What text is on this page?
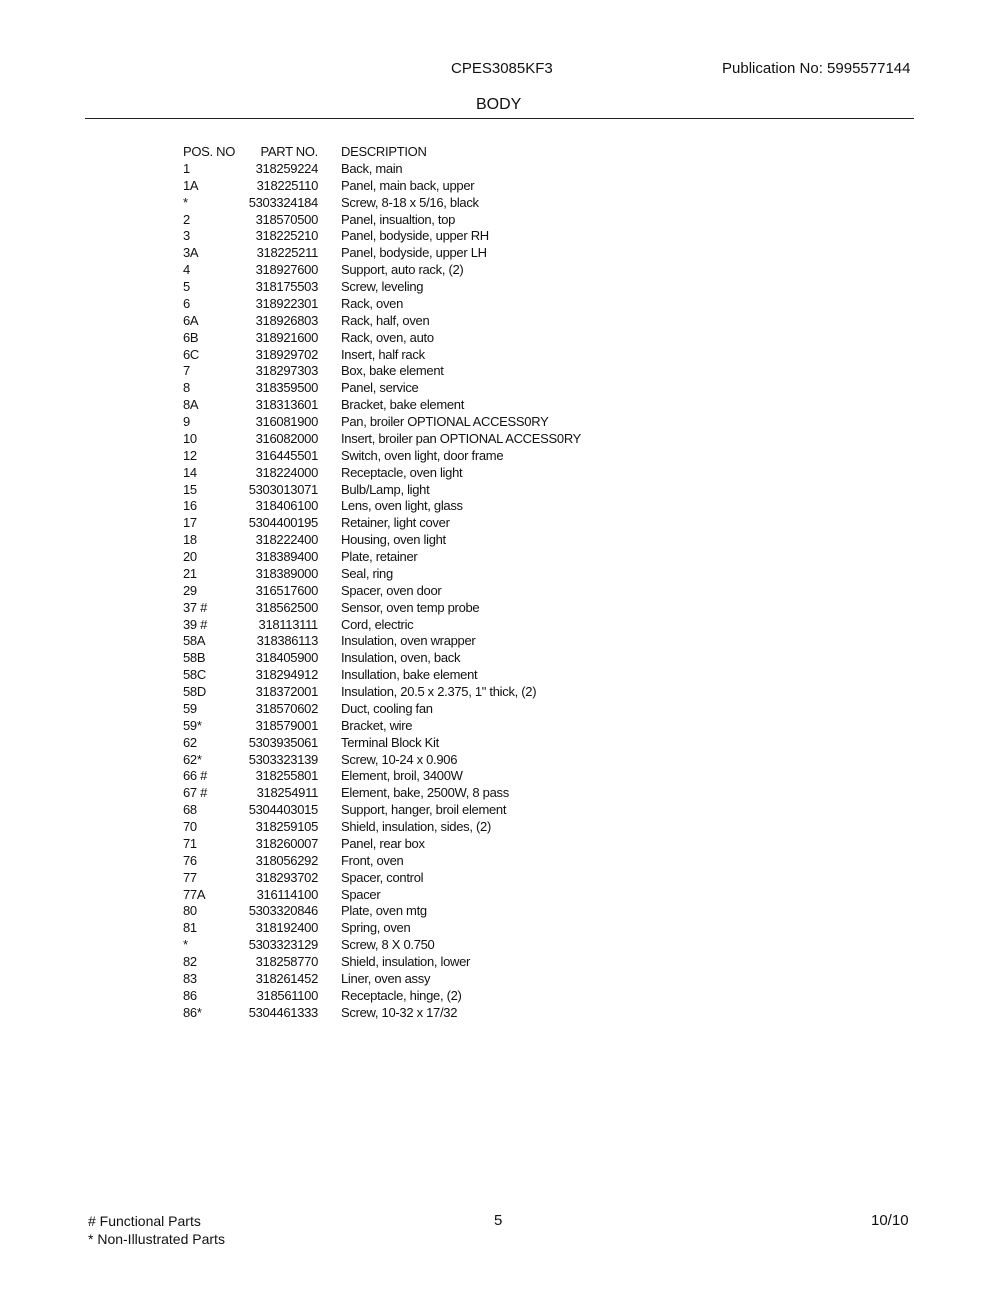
CPES3085KF3	Publication No: 5995577144
BODY
POS. NO PART NO. DESCRIPTION
1	318259224 Back, main
1A	318225110 Panel, main back, upper
*	5303324184 Screw, 8-18 x 5/16, black
2	318570500 Panel, insualtion, top
3	318225210 Panel, bodyside, upper RH
3A	318225211 Panel, bodyside, upper LH
4	318927600 Support, auto rack, (2)
5	318175503 Screw, leveling
6	318922301 Rack, oven
6A	318926803 Rack, half, oven
6B	318921600 Rack, oven, auto
6C	318929702 Insert, half rack
7	318297303 Box, bake element
8	318359500 Panel, service
8A	318313601 Bracket, bake element
9	316081900 Pan, broiler OPTIONAL ACCESS0RY
10	316082000 Insert, broiler pan OPTIONAL ACCESS0RY
12	316445501 Switch, oven light, door frame
14	318224000 Receptacle, oven light
15	5303013071 Bulb/Lamp, light
16	318406100 Lens, oven light, glass
17	5304400195 Retainer, light cover
18	318222400 Housing, oven light
20	318389400 Plate, retainer
21	318389000 Seal, ring
29	316517600 Spacer, oven door
37 #	318562500 Sensor, oven temp probe
39 #	318113111 Cord, electric
58A	318386113 Insulation, oven wrapper
58B	318405900 Insulation, oven, back
58C	318294912 Insullation, bake element
58D	318372001 Insulation, 20.5 x 2.375, 1" thick, (2)
59	318570602 Duct, cooling fan
59*	318579001 Bracket, wire
62	5303935061 Terminal Block Kit
62*	5303323139 Screw, 10-24 x 0.906
66 #	318255801 Element, broil, 3400W
67 #	318254911 Element, bake, 2500W, 8 pass
68	5304403015 Support, hanger, broil element
70	318259105 Shield, insulation, sides, (2)
71	318260007 Panel, rear box
76	318056292 Front, oven
77	318293702 Spacer, control
77A	316114100 Spacer
80	5303320846 Plate, oven mtg
81	318192400 Spring, oven
*	5303323129 Screw, 8 X 0.750
82	318258770 Shield, insulation, lower
83	318261452 Liner, oven assy
86	318561100 Receptacle, hinge, (2)
86*	5304461333 Screw, 10-32 x 17/32
# Functional Parts
* Non-Illustrated Parts
5	10/10
